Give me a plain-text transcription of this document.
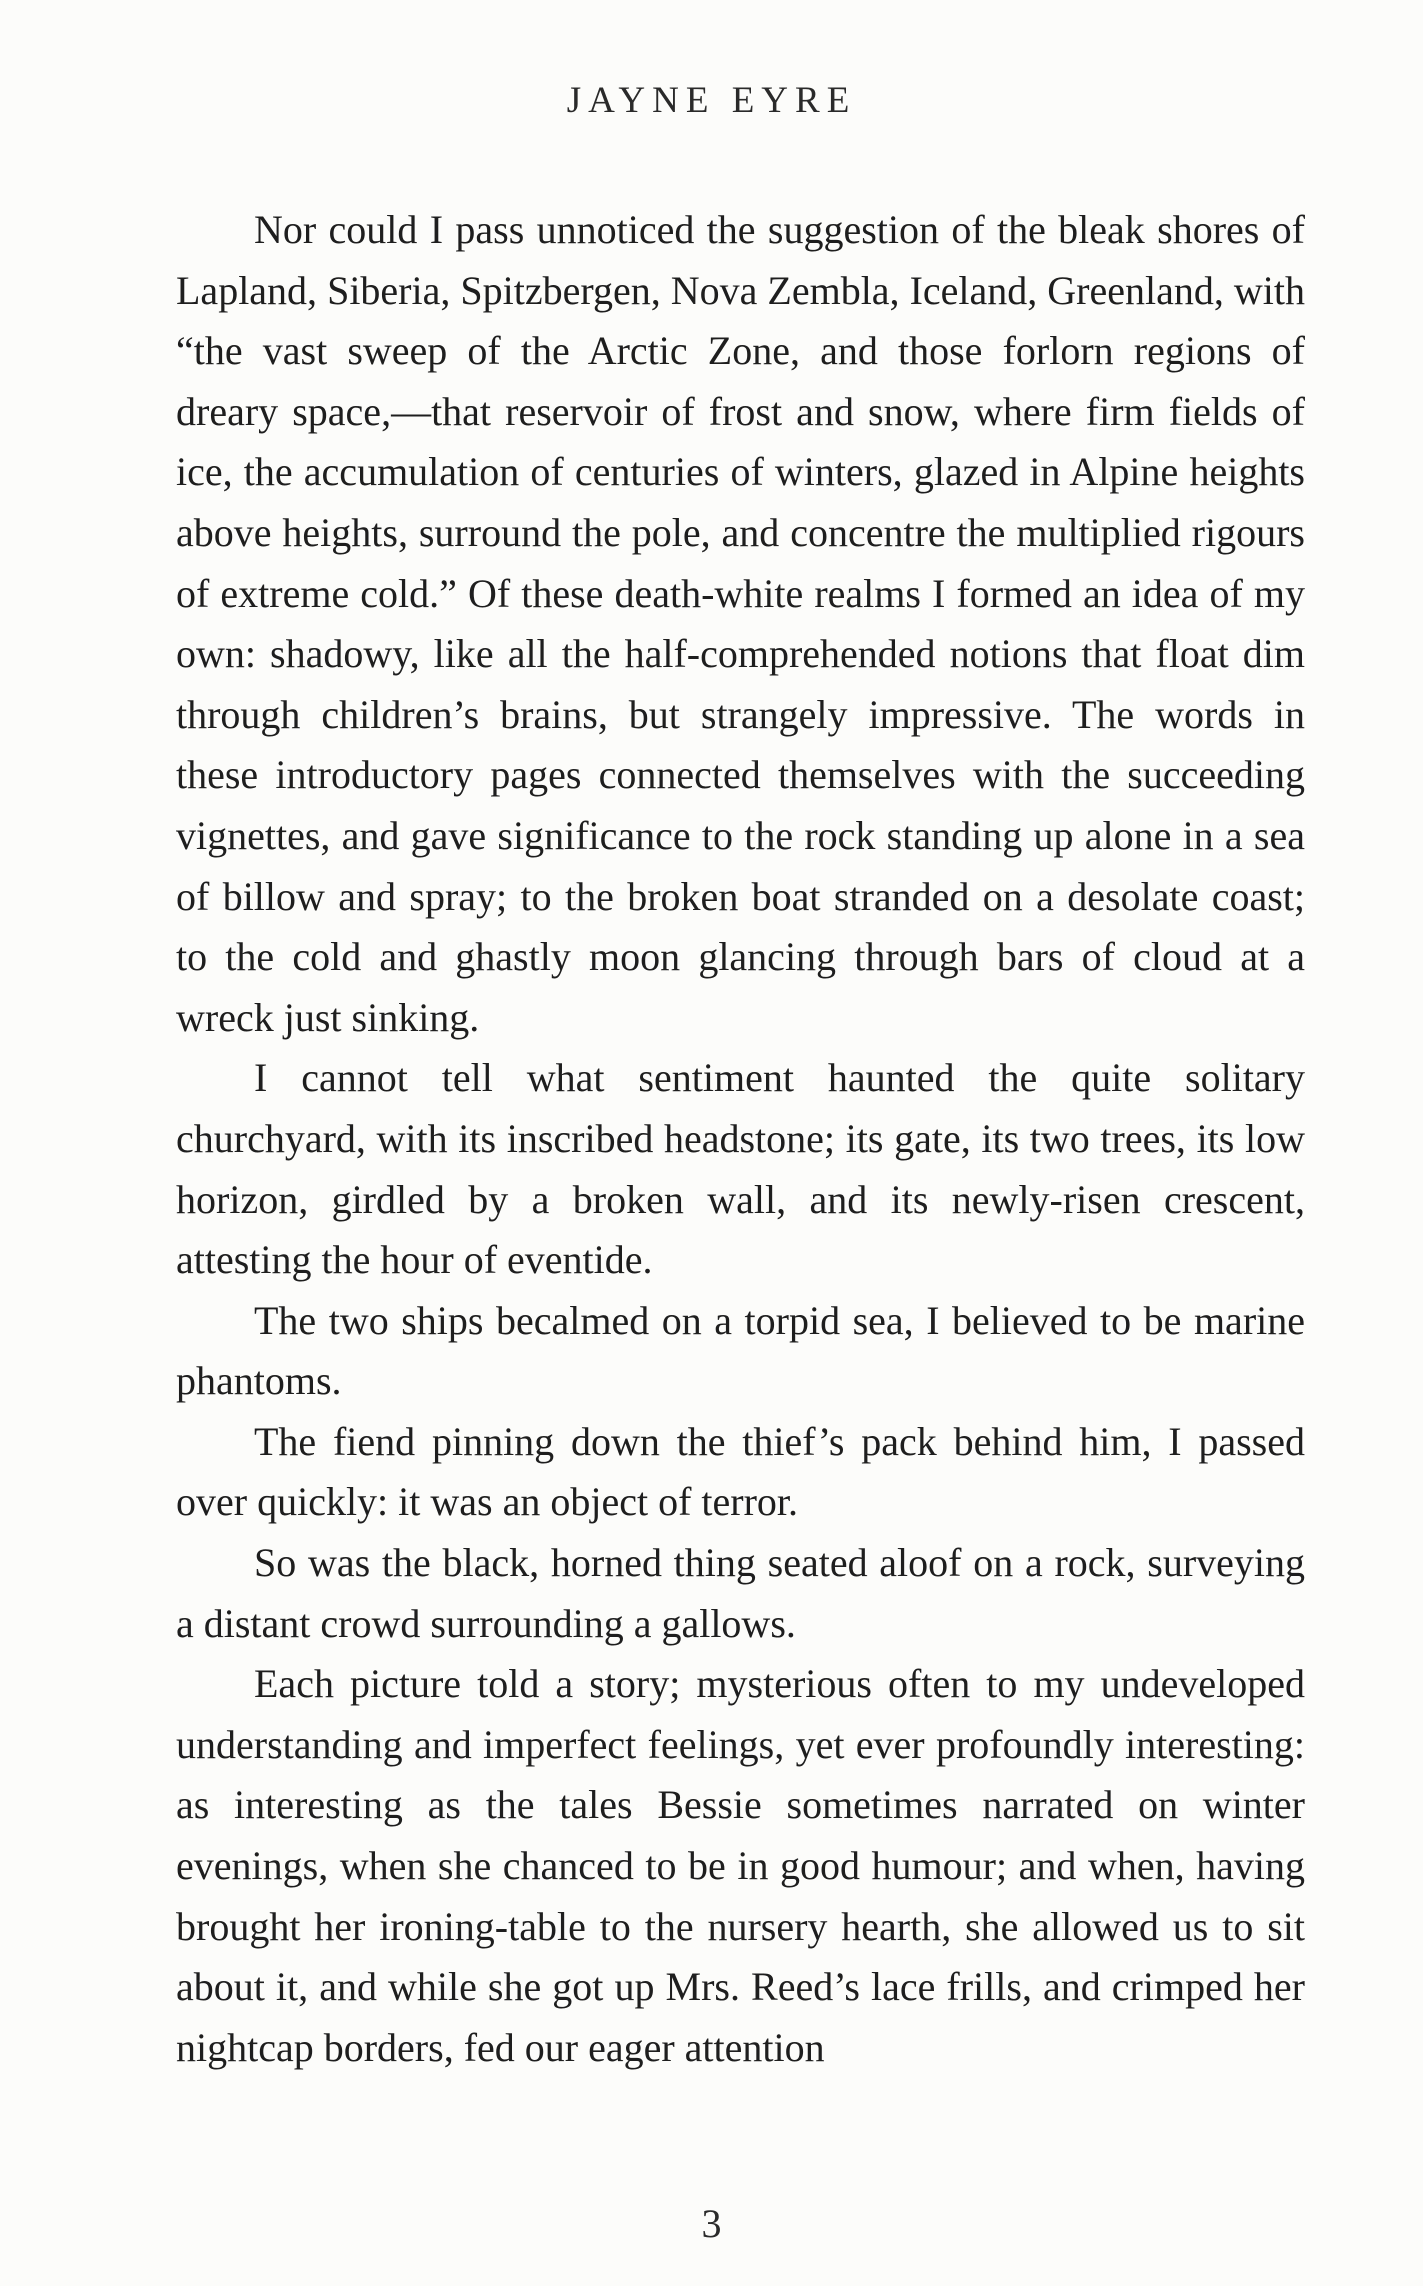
JAYNE EYRE

Nor could I pass unnoticed the suggestion of the bleak shores of Lapland, Siberia, Spitzbergen, Nova Zembla, Iceland, Greenland, with “the vast sweep of the Arctic Zone, and those forlorn regions of dreary space,—that reservoir of frost and snow, where firm fields of ice, the accumulation of centuries of winters, glazed in Alpine heights above heights, surround the pole, and concentre the multiplied rigours of extreme cold.” Of these death-white realms I formed an idea of my own: shadowy, like all the half-comprehended notions that float dim through children’s brains, but strangely impressive. The words in these introductory pages connected themselves with the succeeding vignettes, and gave significance to the rock standing up alone in a sea of billow and spray; to the broken boat stranded on a desolate coast; to the cold and ghastly moon glancing through bars of cloud at a wreck just sinking.

I cannot tell what sentiment haunted the quite solitary churchyard, with its inscribed headstone; its gate, its two trees, its low horizon, girdled by a broken wall, and its newly-risen crescent, attesting the hour of eventide.

The two ships becalmed on a torpid sea, I believed to be marine phantoms.

The fiend pinning down the thief’s pack behind him, I passed over quickly: it was an object of terror.

So was the black, horned thing seated aloof on a rock, surveying a distant crowd surrounding a gallows.

Each picture told a story; mysterious often to my undeveloped understanding and imperfect feelings, yet ever profoundly interesting: as interesting as the tales Bessie sometimes narrated on winter evenings, when she chanced to be in good humour; and when, having brought her ironing-table to the nursery hearth, she allowed us to sit about it, and while she got up Mrs. Reed’s lace frills, and crimped her nightcap borders, fed our eager attention

3
